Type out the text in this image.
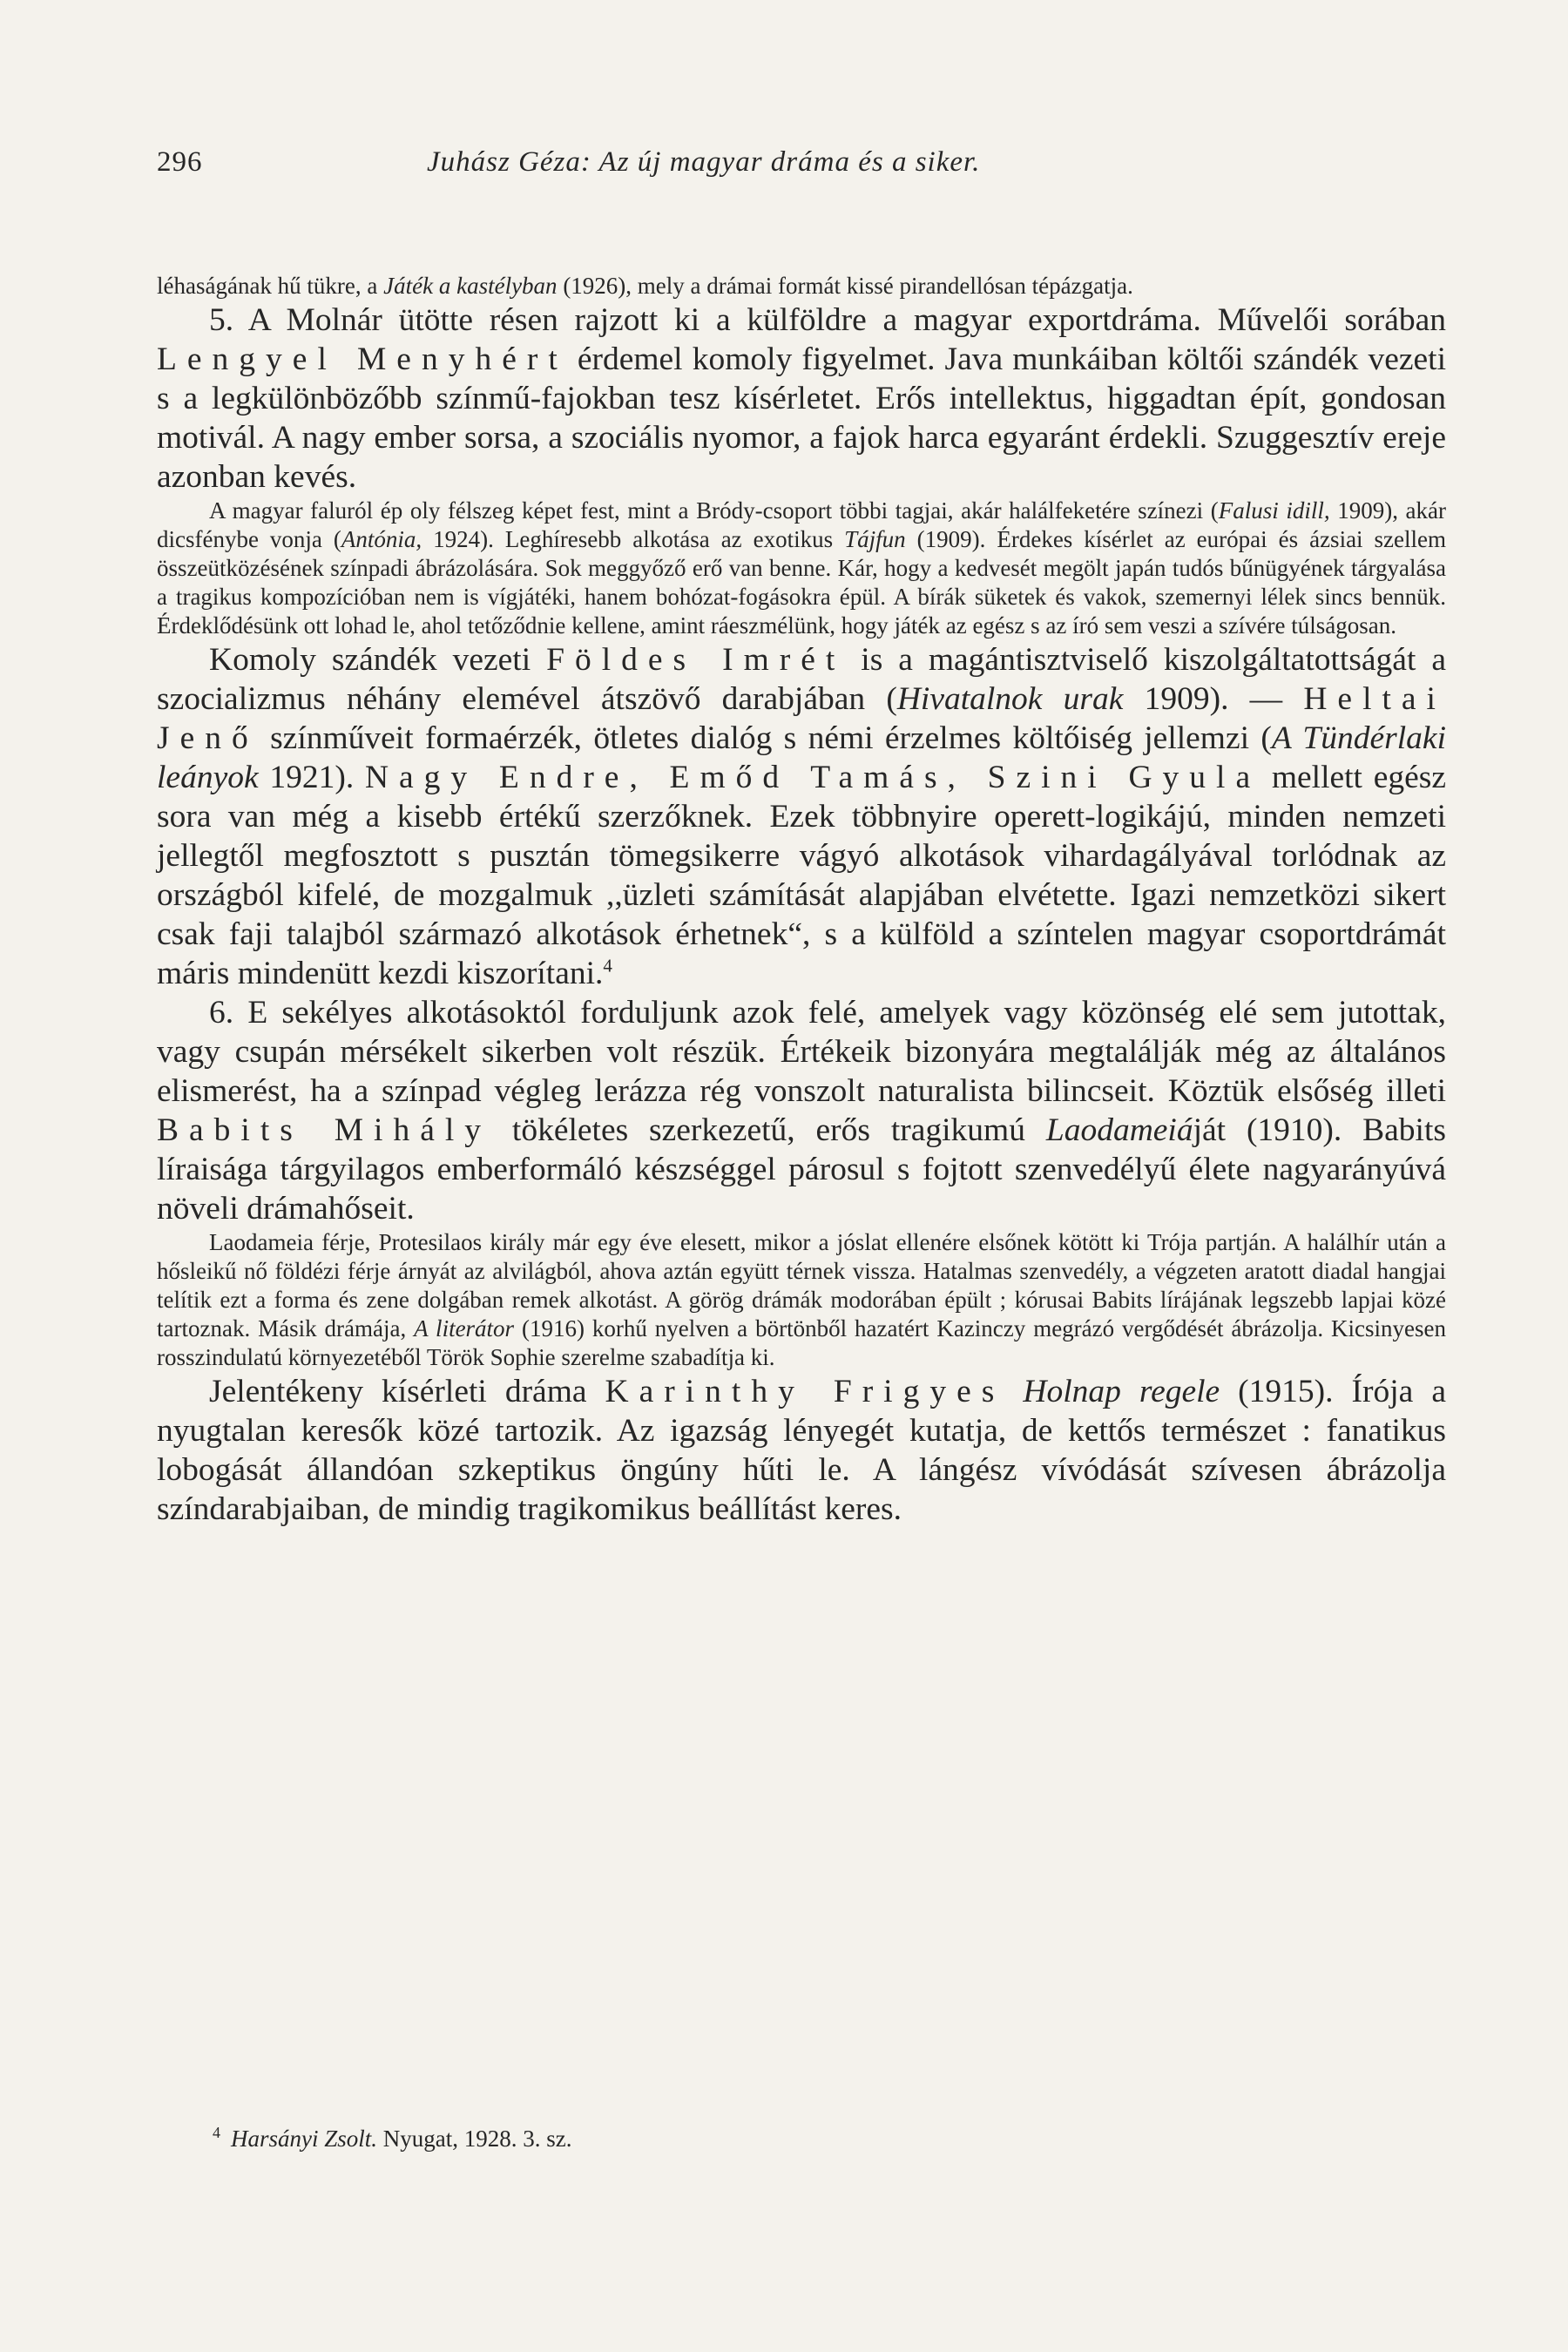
296	Juhász Géza: Az új magyar dráma és a siker.

léhaságának hű tükre, a Játék a kastélyban (1926), mely a drámai formát kissé pirandellósan tépázgatja.

5. A Molnár ütötte résen rajzott ki a külföldre a magyar exportdráma. Művelői sorában Lengyel Menyhért érdemel komoly figyelmet. Java munkáiban költői szándék vezeti s a legkülönbözőbb színmű-fajokban tesz kísérletet. Erős intellektus, higgadtan épít, gondosan motivál. A nagy ember sorsa, a szociális nyomor, a fajok harca egyaránt érdekli. Szuggesztív ereje azonban kevés.

A magyar faluról ép oly félszeg képet fest, mint a Bródy-csoport többi tagjai, akár halálfeketére színezi (Falusi idill, 1909), akár dicsfénybe vonja (Antónia, 1924). Leghíresebb alkotása az exotikus Tájfun (1909). Érdekes kísérlet az európai és ázsiai szellem összeütközésének színpadi ábrázolására. Sok meggyőző erő van benne. Kár, hogy a kedvesét megölt japán tudós bűnügyének tárgyalása a tragikus kompozícióban nem is vígjátéki, hanem bohózat-fogásokra épül. A bírák süketek és vakok, szemernyi lélek sincs bennük. Érdeklődésünk ott lohad le, ahol tetőződnie kellene, amint ráeszmélünk, hogy játék az egész s az író sem veszi a szívére túlságosan.

Komoly szándék vezeti Földes Imrét is a magántisztviselő kiszolgáltatottságát a szocializmus néhány elemével átszövő darabjában (Hivatalnok urak 1909). — Heltai Jenő színműveit formaérzék, ötletes dialóg s némi érzelmes költőiség jellemzi (A Tündérlaki leányok 1921). Nagy Endre, Emőd Tamás, Szini Gyula mellett egész sora van még a kisebb értékű szerzőknek. Ezek többnyire operett-logikájú, minden nemzeti jellegtől megfosztott s pusztán tömegsikerre vágyó alkotások vihardagályával torlódnak az országból kifelé, de mozgalmuk ,,üzleti számítását alapjában elvétette. Igazi nemzetközi sikert csak faji talajból származó alkotások érhetnek“, s a külföld a színtelen magyar csoportdrámát máris mindenütt kezdi kiszorítani.$^4$

6. E sekélyes alkotásoktól forduljunk azok felé, amelyek vagy közönség elé sem jutottak, vagy csupán mérsékelt sikerben volt részük. Értékeik bizonyára megtalálják még az általános elismerést, ha a színpad végleg lerázza rég vonszolt naturalista bilincseit. Köztük elsőség illeti Babits Mihály tökéletes szerkezetű, erős tragikumú Laodameiáját (1910). Babits líraisága tárgyilagos emberformáló készséggel párosul s fojtott szenvedélyű élete nagyarányúvá növeli drámahőseit.

Laodameia férje, Protesilaos király már egy éve elesett, mikor a jóslat ellenére elsőnek kötött ki Trója partján. A halálhír után a hősleikű nő földézi férje árnyát az alvilágból, ahova aztán együtt térnek vissza. Hatalmas szenvedély, a végzeten aratott diadal hangjai telítik ezt a forma és zene dolgában remek alkotást. A görög drámák modorában épült ; kórusai Babits lírájának legszebb lapjai közé tartoznak. Másik drámája, A literátor (1916) korhű nyelven a börtönből hazatért Kazinczy megrázó vergődését ábrázolja. Kicsinyesen rosszindulatú környezetéből Török Sophie szerelme szabadítja ki.

Jelentékeny kísérleti dráma Karinthy Frigyes Holnap regele (1915). Írója a nyugtalan keresők közé tartozik. Az igazság lényegét kutatja, de kettős természet : fanatikus lobogását állandóan szkeptikus öngúny hűti le. A lángész vívódását szívesen ábrázolja színdarabjaiban, de mindig tragikomikus beállítást keres.

$^4$ Harsányi Zsolt. Nyugat, 1928. 3. sz.
